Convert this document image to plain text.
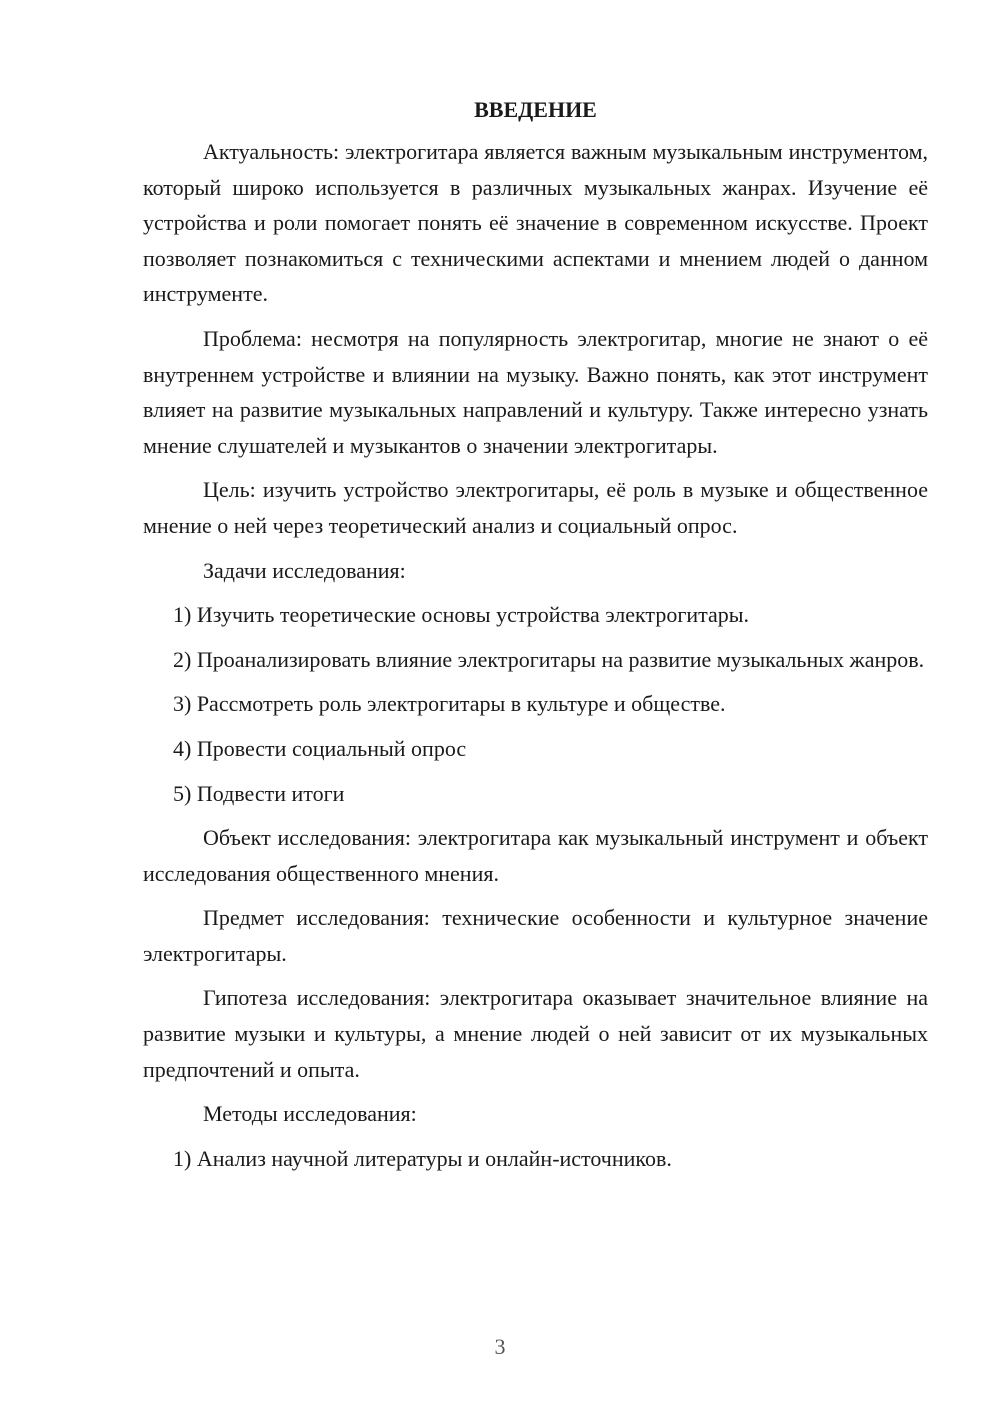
ВВЕДЕНИЕ

Актуальность: электрогитара является важным музыкальным инструментом, который широко используется в различных музыкальных жанрах. Изучение её устройства и роли помогает понять её значение в современном искусстве. Проект позволяет познакомиться с техническими аспектами и мнением людей о данном инструменте.

Проблема: несмотря на популярность электрогитар, многие не знают о её внутреннем устройстве и влиянии на музыку. Важно понять, как этот инструмент влияет на развитие музыкальных направлений и культуру. Также интересно узнать мнение слушателей и музыкантов о значении электрогитары.

Цель: изучить устройство электрогитары, её роль в музыке и общественное мнение о ней через теоретический анализ и социальный опрос.

Задачи исследования:

1) Изучить теоретические основы устройства электрогитары.

2) Проанализировать влияние электрогитары на развитие музыкальных жанров.

3) Рассмотреть роль электрогитары в культуре и обществе.

4) Провести социальный опрос

5) Подвести итоги

Объект исследования: электрогитара как музыкальный инструмент и объект исследования общественного мнения.

Предмет исследования: технические особенности и культурное значение электрогитары.

Гипотеза исследования: электрогитара оказывает значительное влияние на развитие музыки и культуры, а мнение людей о ней зависит от их музыкальных предпочтений и опыта.

Методы исследования:

1) Анализ научной литературы и онлайн-источников.

3
